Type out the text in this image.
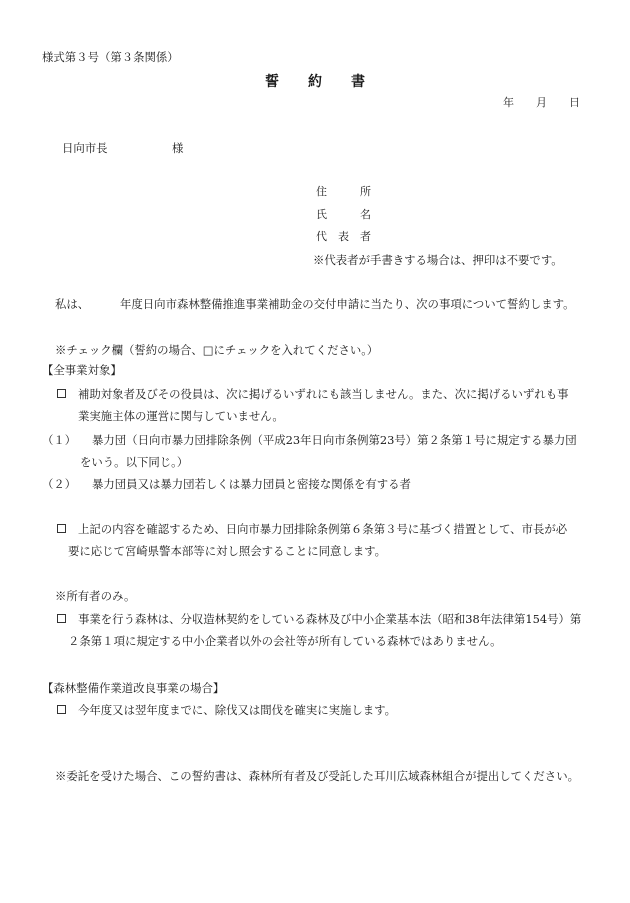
様式第３号（第３条関係）
誓　約　書
年　　月　　日
日向市長	様
住　　　所
氏　　　名
代　表　者
※代表者が手書きする場合は、押印は不要です。
私は、	年度日向市森林整備推進事業補助金の交付申請に当たり、次の事項について誓約します。
※チェック欄（誓約の場合、□にチェックを入れてください。）
【全事業対象】
補助対象者及びその役員は、次に掲げるいずれにも該当しません。また、次に掲げるいずれも事
業実施主体の運営に関与していません。
（１） 暴力団（日向市暴力団排除条例（平成23年日向市条例第23号）第２条第１号に規定する暴力団
をいう。以下同じ。）
（２） 暴力団員又は暴力団若しくは暴力団員と密接な関係を有する者
上記の内容を確認するため、日向市暴力団排除条例第６条第３号に基づく措置として、市長が必
要に応じて宮崎県警本部等に対し照会することに同意します。
※所有者のみ。
事業を行う森林は、分収造林契約をしている森林及び中小企業基本法（昭和38年法律第154号）第
２条第１項に規定する中小企業者以外の会社等が所有している森林ではありません。
【森林整備作業道改良事業の場合】
今年度又は翌年度までに、除伐又は間伐を確実に実施します。
※委託を受けた場合、この誓約書は、森林所有者及び受託した耳川広域森林組合が提出してください。
